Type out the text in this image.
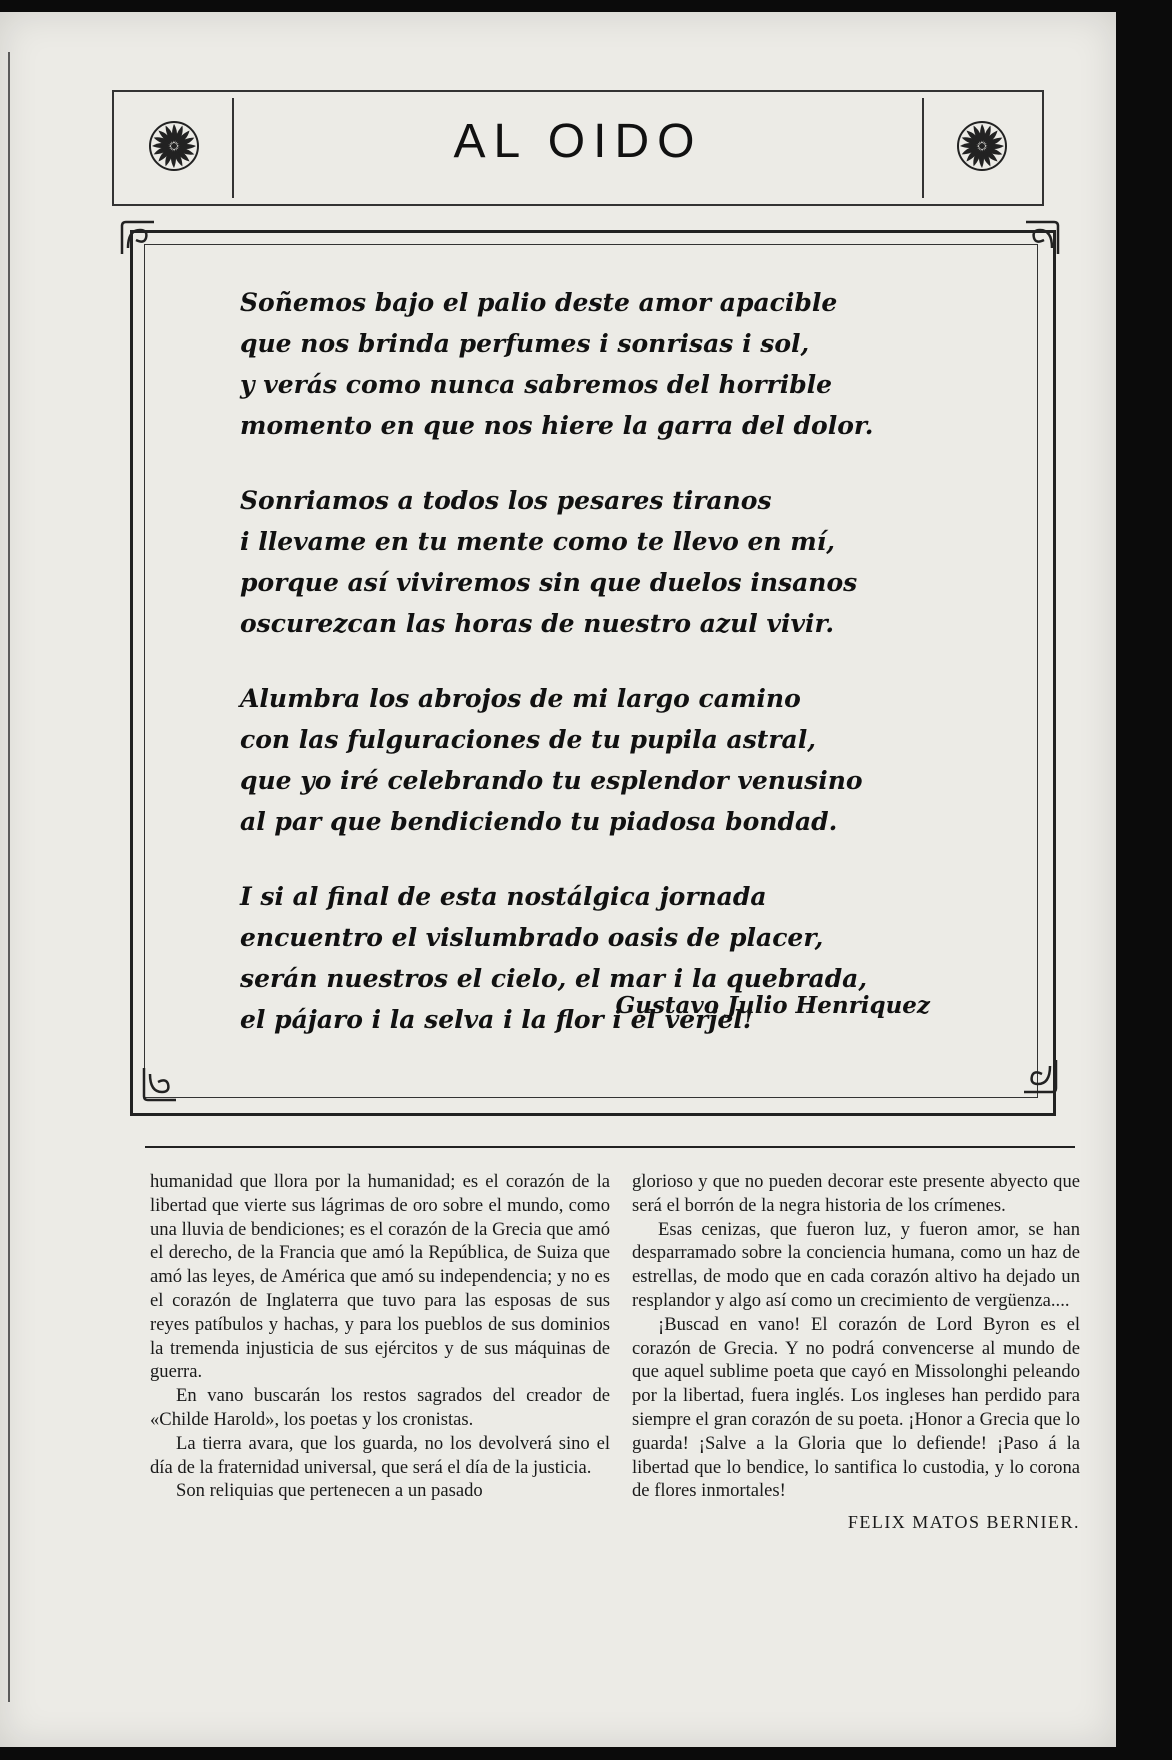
AL OIDO
Soñemos bajo el palio deste amor apacible
que nos brinda perfumes i sonrisas i sol,
y verás como nunca sabremos del horrible
momento en que nos hiere la garra del dolor.
Sonriamos a todos los pesares tiranos
i llevame en tu mente como te llevo en mí,
porque así viviremos sin que duelos insanos
oscurezcan las horas de nuestro azul vivir.
Alumbra los abrojos de mi largo camino
con las fulguraciones de tu pupila astral,
que yo iré celebrando tu esplendor venusino
al par que bendiciendo tu piadosa bondad.
I si al final de esta nostálgica jornada
encuentro el vislumbrado oasis de placer,
serán nuestros el cielo, el mar i la quebrada,
el pájaro i la selva i la flor i el verjel!
Gustavo Julio Henriquez

humanidad que llora por la humanidad; es el corazón de la libertad que vierte sus lágrimas de oro sobre el mundo, como una lluvia de bendiciones; es el corazón de la Grecia que amó el derecho, de la Francia que amó la República, de Suiza que amó las leyes, de América que amó su independencia; y no es el corazón de Inglaterra que tuvo para las esposas de sus reyes patíbulos y hachas, y para los pueblos de sus dominios la tremenda injusticia de sus ejércitos y de sus máquinas de guerra.

En vano buscarán los restos sagrados del creador de «Childe Harold», los poetas y los cronistas.

La tierra avara, que los guarda, no los devolverá sino el día de la fraternidad universal, que será el día de la justicia.

Son reliquias que pertenecen a un pasado

glorioso y que no pueden decorar este presente abyecto que será el borrón de la negra historia de los crímenes.

Esas cenizas, que fueron luz, y fueron amor, se han desparramado sobre la conciencia humana, como un haz de estrellas, de modo que en cada corazón altivo ha dejado un resplandor y algo así como un crecimiento de vergüenza....

¡Buscad en vano! El corazón de Lord Byron es el corazón de Grecia. Y no podrá convencerse al mundo de que aquel sublime poeta que cayó en Missolonghi peleando por la libertad, fuera inglés. Los ingleses han perdido para siempre el gran corazón de su poeta. ¡Honor a Grecia que lo guarda! ¡Salve a la Gloria que lo defiende! ¡Paso á la libertad que lo bendice, lo santifica lo custodia, y lo corona de flores inmortales!

FELIX MATOS BERNIER.
